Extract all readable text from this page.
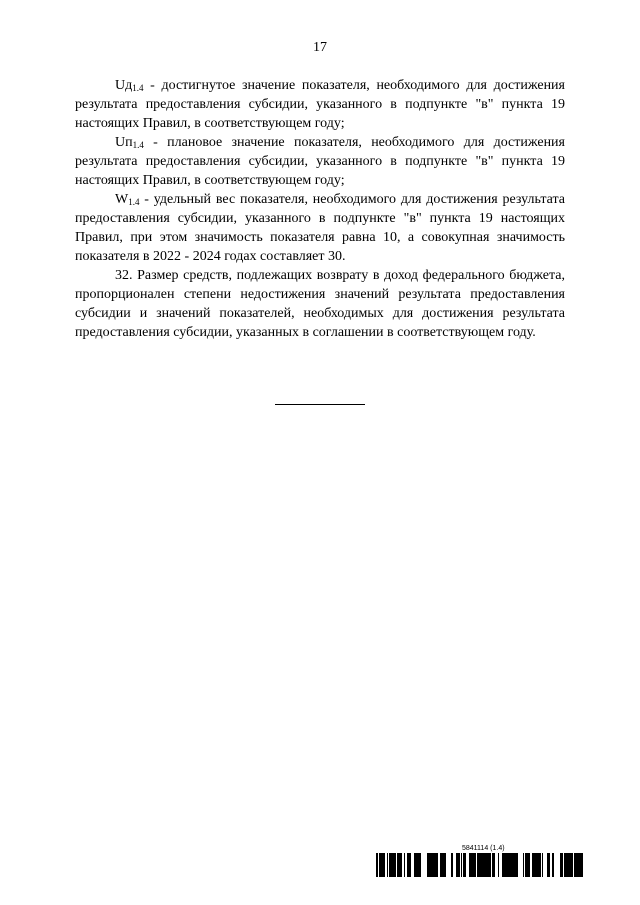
17

$Uд_{1.4}$ - достигнутое значение показателя, необходимого для достижения результата предоставления субсидии, указанного в подпункте "в" пункта 19 настоящих Правил, в соответствующем году;

$Uп_{1.4}$ - плановое значение показателя, необходимого для достижения результата предоставления субсидии, указанного в подпункте "в" пункта 19 настоящих Правил, в соответствующем году;

$W_{1.4}$ - удельный вес показателя, необходимого для достижения результата предоставления субсидии, указанного в подпункте "в" пункта 19 настоящих Правил, при этом значимость показателя равна 10, а совокупная значимость показателя в 2022 - 2024 годах составляет 30.

32. Размер средств, подлежащих возврату в доход федерального бюджета, пропорционален степени недостижения значений результата предоставления субсидии и значений показателей, необходимых для достижения результата предоставления субсидии, указанных в соглашении в соответствующем году.

5841114 (1.4)
